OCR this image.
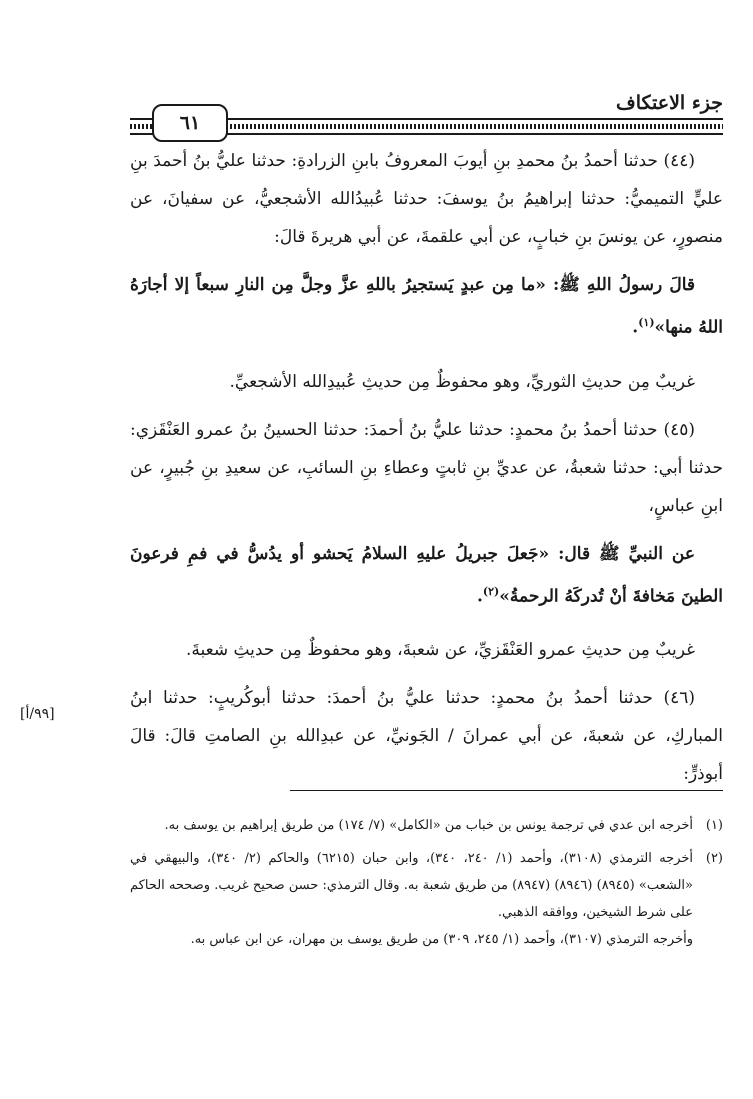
جزء الاعتكاف
٦١

(٤٤) حدثنا أحمدُ بنُ محمدِ بنِ أيوبَ المعروفُ بابنِ الزرادةِ: حدثنا عليُّ بنُ أحمدَ بنِ عليٍّ التميميُّ: حدثنا إبراهيمُ بنُ يوسفَ: حدثنا عُبيدُالله الأشجعيُّ، عن سفيانَ، عن منصورٍ، عن يونسَ بنِ خبابٍ، عن أبي علقمةَ، عن أبي هريرةَ قالَ:

قالَ رسولُ اللهِ ﷺ: «ما مِن عبدٍ يَستجيرُ باللهِ عزَّ وجلَّ مِن النارِ سبعاً إلا أجارَهُ اللهُ منها»$^{(١)}$.

غريبٌ مِن حديثِ الثوريِّ، وهو محفوظٌ مِن حديثِ عُبيدِالله الأشجعيِّ.

(٤٥) حدثنا أحمدُ بنُ محمدٍ: حدثنا عليُّ بنُ أحمدَ: حدثنا الحسينُ بنُ عمرو العَنْقَزي: حدثنا أبي: حدثنا شعبةُ، عن عديِّ بنِ ثابتٍ وعطاءِ بنِ السائبِ، عن سعيدِ بنِ جُبيرٍ، عن ابنِ عباسٍ،

عن النبيِّ ﷺ قال: «جَعلَ جبريلُ عليهِ السلامُ يَحشو أو يدُسُّ في فمِ فرعونَ الطينَ مَخافةَ أنْ تُدركَهُ الرحمةُ»$^{(٢)}$.

غريبٌ مِن حديثِ عمرو العَنْقَزيِّ، عن شعبةَ، وهو محفوظٌ مِن حديثِ شعبةَ.

(٤٦) حدثنا أحمدُ بنُ محمدٍ: حدثنا عليُّ بنُ أحمدَ: حدثنا أبوكُريبٍ: حدثنا ابنُ المباركِ، عن شعبةَ، عن أبي عمرانَ / الجَونيِّ، عن عبدِالله بنِ الصامتِ قالَ: قالَ أبوذرٍّ:

[٩٩/أ]
(١)

أخرجه ابن عدي في ترجمة يونس بن خباب من «الكامل» (٧/ ١٧٤) من طريق إبراهيم بن يوسف به.

(٢)

أخرجه الترمذي (٣١٠٨)، وأحمد (١/ ٢٤٠، ٣٤٠)، وابن حبان (٦٢١٥) والحاكم (٢/ ٣٤٠)، والبيهقي في «الشعب» (٨٩٤٥) (٨٩٤٦) (٨٩٤٧) من طريق شعبة به. وقال الترمذي: حسن صحيح غريب. وصححه الحاكم على شرط الشيخين، ووافقه الذهبي.

وأخرجه الترمذي (٣١٠٧)، وأحمد (١/ ٢٤٥، ٣٠٩) من طريق يوسف بن مهران، عن ابن عباس به.
